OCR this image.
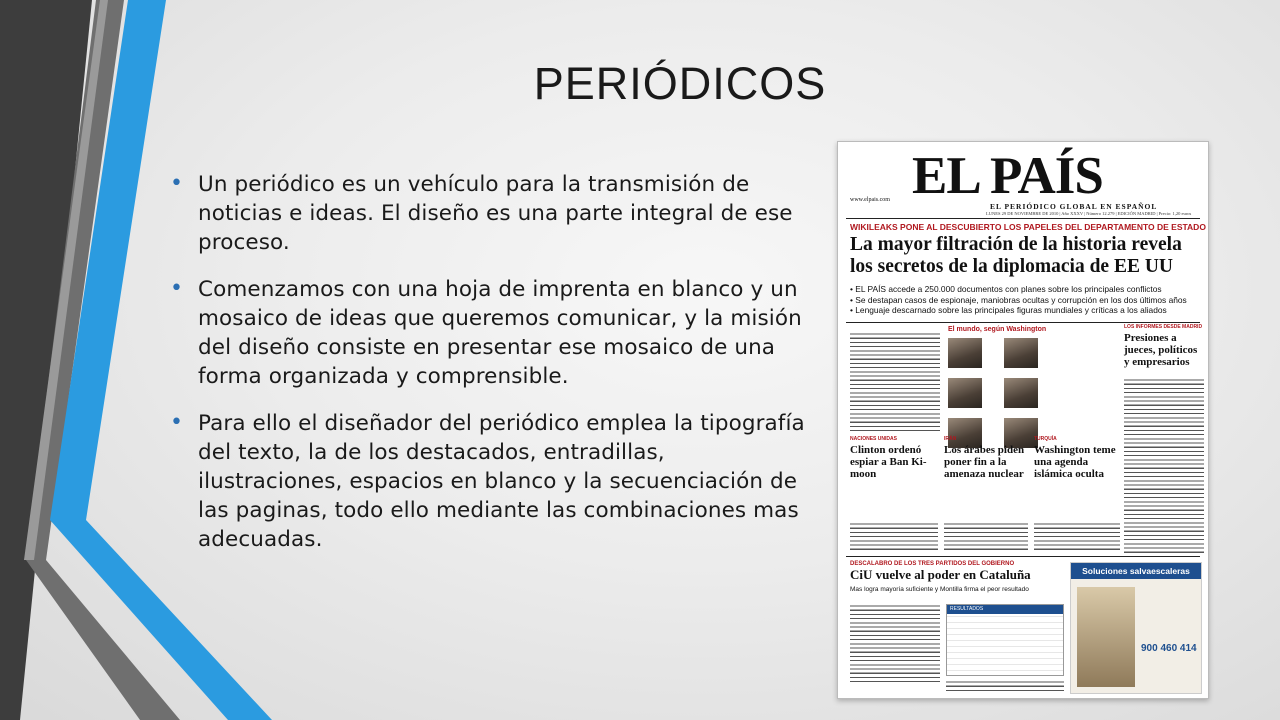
PERIÓDICOS
• Un periódico es un vehículo para la transmisión de noticias e ideas. El diseño es una parte integral de ese proceso.
• Comenzamos con una hoja de imprenta en blanco y un mosaico de ideas que queremos comunicar, y la misión del diseño consiste en presentar ese mosaico de una forma organizada y comprensible.
• Para ello el diseñador del periódico emplea la tipografía del texto, la de los destacados, entradillas, ilustraciones, espacios en blanco y la secuenciación de las paginas, todo ello mediante las combinaciones mas adecuadas.
www.elpais.com EL PAÍS
EL PERIÓDICO GLOBAL EN ESPAÑOL
LUNES 29 DE NOVIEMBRE DE 2010 | Año XXXV | Número 12.279 | EDICIÓN MADRID | Precio: 1,20 euros
WIKILEAKS PONE AL DESCUBIERTO LOS PAPELES DEL DEPARTAMENTO DE ESTADO
La mayor filtración de la historia revela los secretos de la diplomacia de EE UU
• EL PAÍS accede a 250.000 documentos con planes sobre los principales conflictos
• Se destapan casos de espionaje, maniobras ocultas y corrupción en los dos últimos años
• Lenguaje descarnado sobre las principales figuras mundiales y críticas a los aliados
El mundo, según Washington	LOS INFORMES DESDE MADRID
Presiones a jueces, políticos y empresarios
NACIONES UNIDAS
Clinton ordenó espiar a Ban Ki-moon
IRÁN
Los árabes piden poner fin a la amenaza nuclear
TURQUÍA
Washington teme una agenda islámica oculta
DESCALABRO DE LOS TRES PARTIDOS DEL GOBIERNO
CiU vuelve al poder en Cataluña
Mas logra mayoría suficiente y Montilla firma el peor resultado
RESULTADOS
Soluciones salvaescaleras
900 460 414
